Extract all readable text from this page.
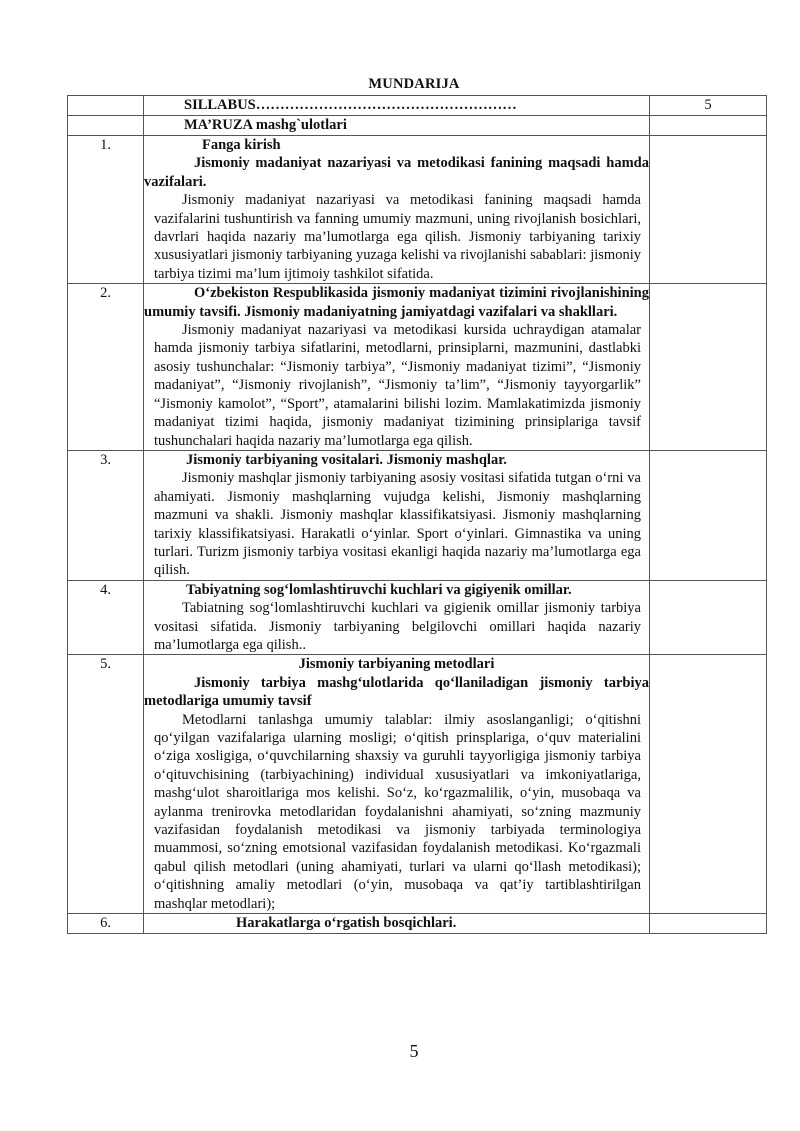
MUNDARIJA

	SILLABUS………………………………………………	5

	MA’RUZA mashg`ulotlari	

1.	Fanga kirish
Jismoniy madaniyat nazariyasi va metodikasi fanining maqsadi hamda vazifalari.
Jismoniy madaniyat nazariyasi va metodikasi fanining maqsadi hamda vazifalarini tushuntirish va fanning umumiy mazmuni, uning rivojlanish bosichlari, davrlari haqida nazariy ma’lumotlarga ega qilish. Jismoniy tarbiyaning tarixiy xususiyatlari jismoniy tarbiyaning yuzaga kelishi va rivojlanishi sabablari: jismoniy tarbiya tizimi ma’lum ijtimoiy tashkilot sifatida.	

2.	O‘zbekiston Respublikasida jismoniy madaniyat tizimini rivojlanishining umumiy tavsifi. Jismoniy madaniyatning jamiyatdagi vazifalari va shakllari.
Jismoniy madaniyat nazariyasi va metodikasi kursida uchraydigan atamalar hamda jismoniy tarbiya sifatlarini, metodlarni, prinsiplarni, mazmunini, dastlabki asosiy tushunchalar: “Jismoniy tarbiya”, “Jismoniy madaniyat tizimi”, “Jismoniy madaniyat”, “Jismoniy rivojlanish”, “Jismoniy ta’lim”, “Jismoniy tayyorgarlik” “Jismoniy kamolot”, “Sport”, atamalarini bilishi lozim. Mamlakatimizda jismoniy madaniyat tizimi haqida, jismoniy madaniyat tizimining prinsiplariga tavsif tushunchalari haqida nazariy ma’lumotlarga ega qilish.	

3.	Jismoniy tarbiyaning vositalari. Jismoniy mashqlar.
Jismoniy mashqlar jismoniy tarbiyaning asosiy vositasi sifatida tutgan o‘rni va ahamiyati. Jismoniy mashqlarning vujudga kelishi, Jismoniy mashqlarning mazmuni va shakli. Jismoniy mashqlar klassifikatsiyasi. Jismoniy mashqlarning tarixiy klassifikatsiyasi. Harakatli o‘yinlar. Sport o‘yinlari. Gimnastika va uning turlari. Turizm jismoniy tarbiya vositasi ekanligi haqida nazariy ma’lumotlarga ega qilish.	

4.	Tabiyatning sog‘lomlashtiruvchi kuchlari va gigiyenik omillar.
Tabiatning sog‘lomlashtiruvchi kuchlari va gigienik omillar jismoniy tarbiya vositasi sifatida. Jismoniy tarbiyaning belgilovchi omillari haqida nazariy ma’lumotlarga ega qilish..	

5.	Jismoniy tarbiyaning metodlari
Jismoniy tarbiya mashg‘ulotlarida qo‘llaniladigan jismoniy tarbiya metodlariga umumiy tavsif
Metodlarni tanlashga umumiy talablar: ilmiy asoslanganligi; o‘qitishni qo‘yilgan vazifalariga ularning mosligi; o‘qitish prinsplariga, o‘quv materialini o‘ziga xosligiga, o‘quvchilarning shaxsiy va guruhli tayyorligiga jismoniy tarbiya o‘qituvchisining (tarbiyachining) individual xususiyatlari va imkoniyatlariga, mashg‘ulot sharoitlariga mos kelishi. So‘z, ko‘rgazmalilik, o‘yin, musobaqa va aylanma trenirovka metodlaridan foydalanishni ahamiyati, so‘zning mazmuniy vazifasidan foydalanish metodikasi va jismoniy tarbiyada terminologiya muammosi, so‘zning emotsional vazifasidan foydalanish metodikasi. Ko‘rgazmali qabul qilish metodlari (uning ahamiyati, turlari va ularni qo‘llash metodikasi); o‘qitishning amaliy metodlari (o‘yin, musobaqa va qat’iy tartiblashtirilgan mashqlar metodlari);	

6.	Harakatlarga o‘rgatish bosqichlari.	

5
